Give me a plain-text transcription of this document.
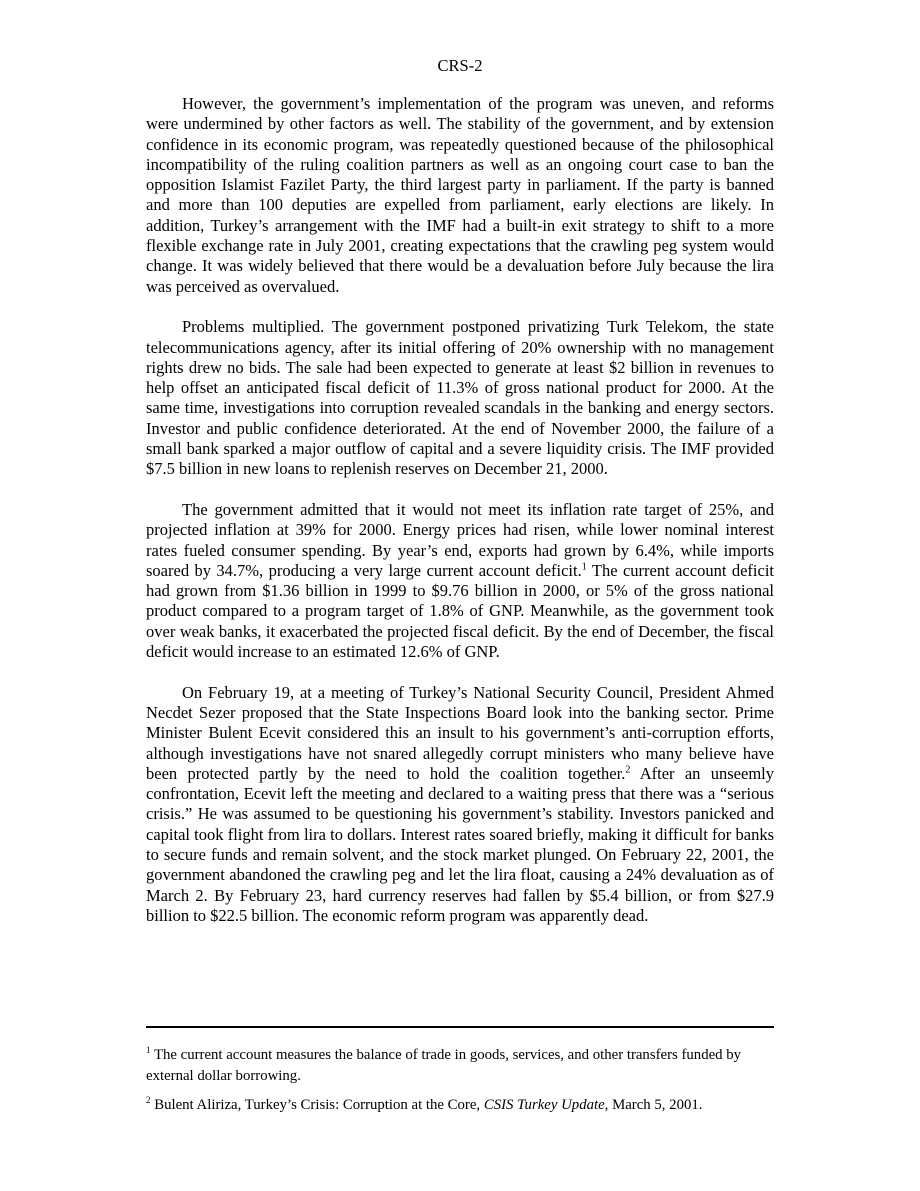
CRS-2

However, the government’s implementation of the program was uneven, and reforms were undermined by other factors as well. The stability of the government, and by extension confidence in its economic program, was repeatedly questioned because of the philosophical incompatibility of the ruling coalition partners as well as an ongoing court case to ban the opposition Islamist Fazilet Party, the third largest party in parliament. If the party is banned and more than 100 deputies are expelled from parliament, early elections are likely. In addition, Turkey’s arrangement with the IMF had a built-in exit strategy to shift to a more flexible exchange rate in July 2001, creating expectations that the crawling peg system would change. It was widely believed that there would be a devaluation before July because the lira was perceived as overvalued.

Problems multiplied. The government postponed privatizing Turk Telekom, the state telecommunications agency, after its initial offering of 20% ownership with no management rights drew no bids. The sale had been expected to generate at least $2 billion in revenues to help offset an anticipated fiscal deficit of 11.3% of gross national product for 2000. At the same time, investigations into corruption revealed scandals in the banking and energy sectors. Investor and public confidence deteriorated. At the end of November 2000, the failure of a small bank sparked a major outflow of capital and a severe liquidity crisis. The IMF provided $7.5 billion in new loans to replenish reserves on December 21, 2000.

The government admitted that it would not meet its inflation rate target of 25%, and projected inflation at 39% for 2000. Energy prices had risen, while lower nominal interest rates fueled consumer spending. By year’s end, exports had grown by 6.4%, while imports soared by 34.7%, producing a very large current account deficit.$^1$ The current account deficit had grown from $1.36 billion in 1999 to $9.76 billion in 2000, or 5% of the gross national product compared to a program target of 1.8% of GNP. Meanwhile, as the government took over weak banks, it exacerbated the projected fiscal deficit. By the end of December, the fiscal deficit would increase to an estimated 12.6% of GNP.

On February 19, at a meeting of Turkey’s National Security Council, President Ahmed Necdet Sezer proposed that the State Inspections Board look into the banking sector. Prime Minister Bulent Ecevit considered this an insult to his government’s anti-corruption efforts, although investigations have not snared allegedly corrupt ministers who many believe have been protected partly by the need to hold the coalition together.$^2$ After an unseemly confrontation, Ecevit left the meeting and declared to a waiting press that there was a “serious crisis.” He was assumed to be questioning his government’s stability. Investors panicked and capital took flight from lira to dollars. Interest rates soared briefly, making it difficult for banks to secure funds and remain solvent, and the stock market plunged. On February 22, 2001, the government abandoned the crawling peg and let the lira float, causing a 24% devaluation as of March 2. By February 23, hard currency reserves had fallen by $5.4 billion, or from $27.9 billion to $22.5 billion. The economic reform program was apparently dead.

$^1$ The current account measures the balance of trade in goods, services, and other transfers funded by external dollar borrowing.

$^2$ Bulent Aliriza, Turkey’s Crisis: Corruption at the Core, CSIS Turkey Update, March 5, 2001.
